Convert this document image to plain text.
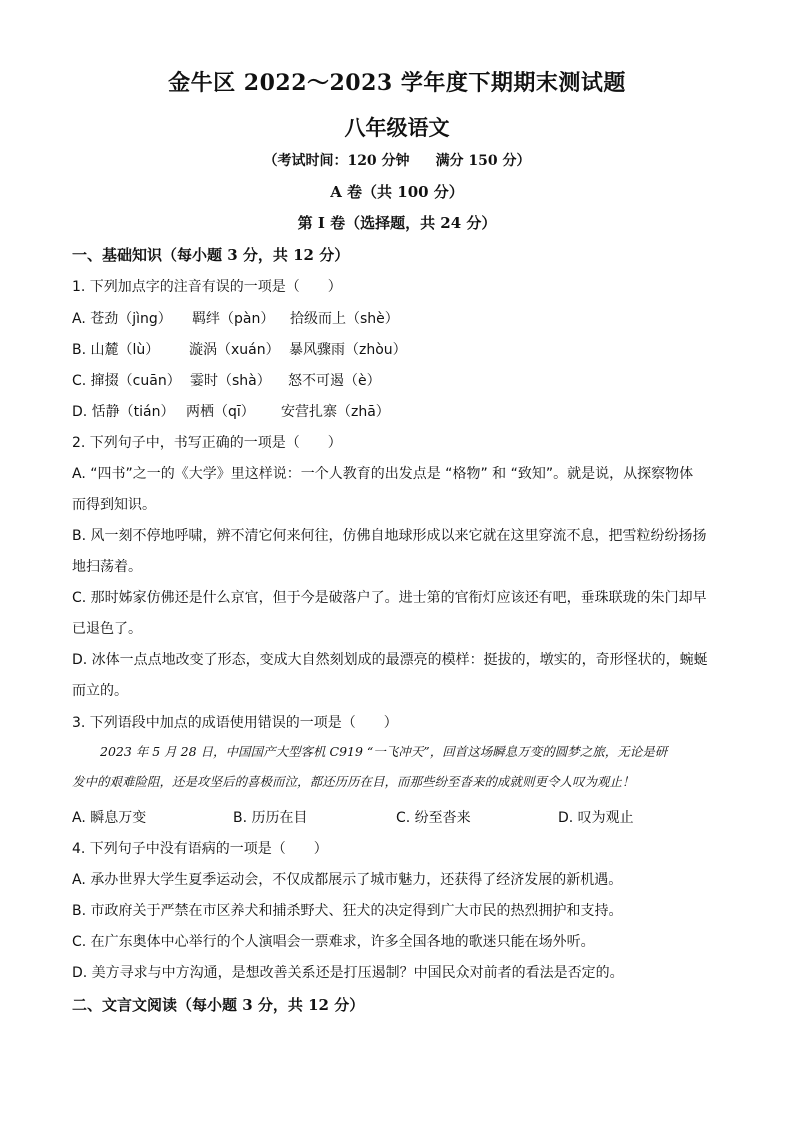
金牛区 2022～2023 学年度下期期末测试题
八年级语文
（考试时间：120 分钟 满分 150 分）
A 卷（共 100 分）
第 I 卷（选择题，共 24 分）
一、基础知识（每小题 3 分，共 12 分）
1. 下列加点字的注音有误的一项是（　　）
A. 苍劲（jìng） 羁绊（pàn） 拾级而上（shè）
B. 山麓（lù） 漩涡（xuán） 暴风骤雨（zhòu）
C. 撺掇（cuān） 霎时（shà） 怒不可遏（è）
D. 恬静（tián） 两栖（qī） 安营扎寨（zhā）
2. 下列句子中，书写正确的一项是（　　）
A. “四书”之一的《大学》里这样说：一个人教育的出发点是 “格物” 和 “致知”。就是说，从探察物体
而得到知识。
B. 风一刻不停地呼啸，辨不清它何来何往，仿佛自地球形成以来它就在这里穿流不息，把雪粒纷纷扬扬
地扫荡着。
C. 那时姊家仿佛还是什么京官，但于今是破落户了。进士第的官衔灯应该还有吧，垂珠联珑的朱门却早
已退色了。
D. 冰体一点点地改变了形态，变成大自然刻划成的最漂亮的模样：挺拔的，墩实的，奇形怪状的，蜿蜒
而立的。
3. 下列语段中加点的成语使用错误的一项是（　　）
2023 年 5 月 28 日，中国国产大型客机 C919 “一飞冲天”，回首这场瞬息万变的圆梦之旅，无论是研
发中的艰难险阻，还是攻坚后的喜极而泣，都还历历在目，而那些纷至沓来的成就则更令人叹为观止！
A. 瞬息万变	B. 历历在目	C. 纷至沓来	D. 叹为观止
4. 下列句子中没有语病的一项是（　　）
A. 承办世界大学生夏季运动会，不仅成都展示了城市魅力，还获得了经济发展的新机遇。
B. 市政府关于严禁在市区养犬和捕杀野犬、狂犬的决定得到广大市民的热烈拥护和支持。
C. 在广东奥体中心举行的个人演唱会一票难求，许多全国各地的歌迷只能在场外听。
D. 美方寻求与中方沟通，是想改善关系还是打压遏制？中国民众对前者的看法是否定的。
二、文言文阅读（每小题 3 分，共 12 分）
